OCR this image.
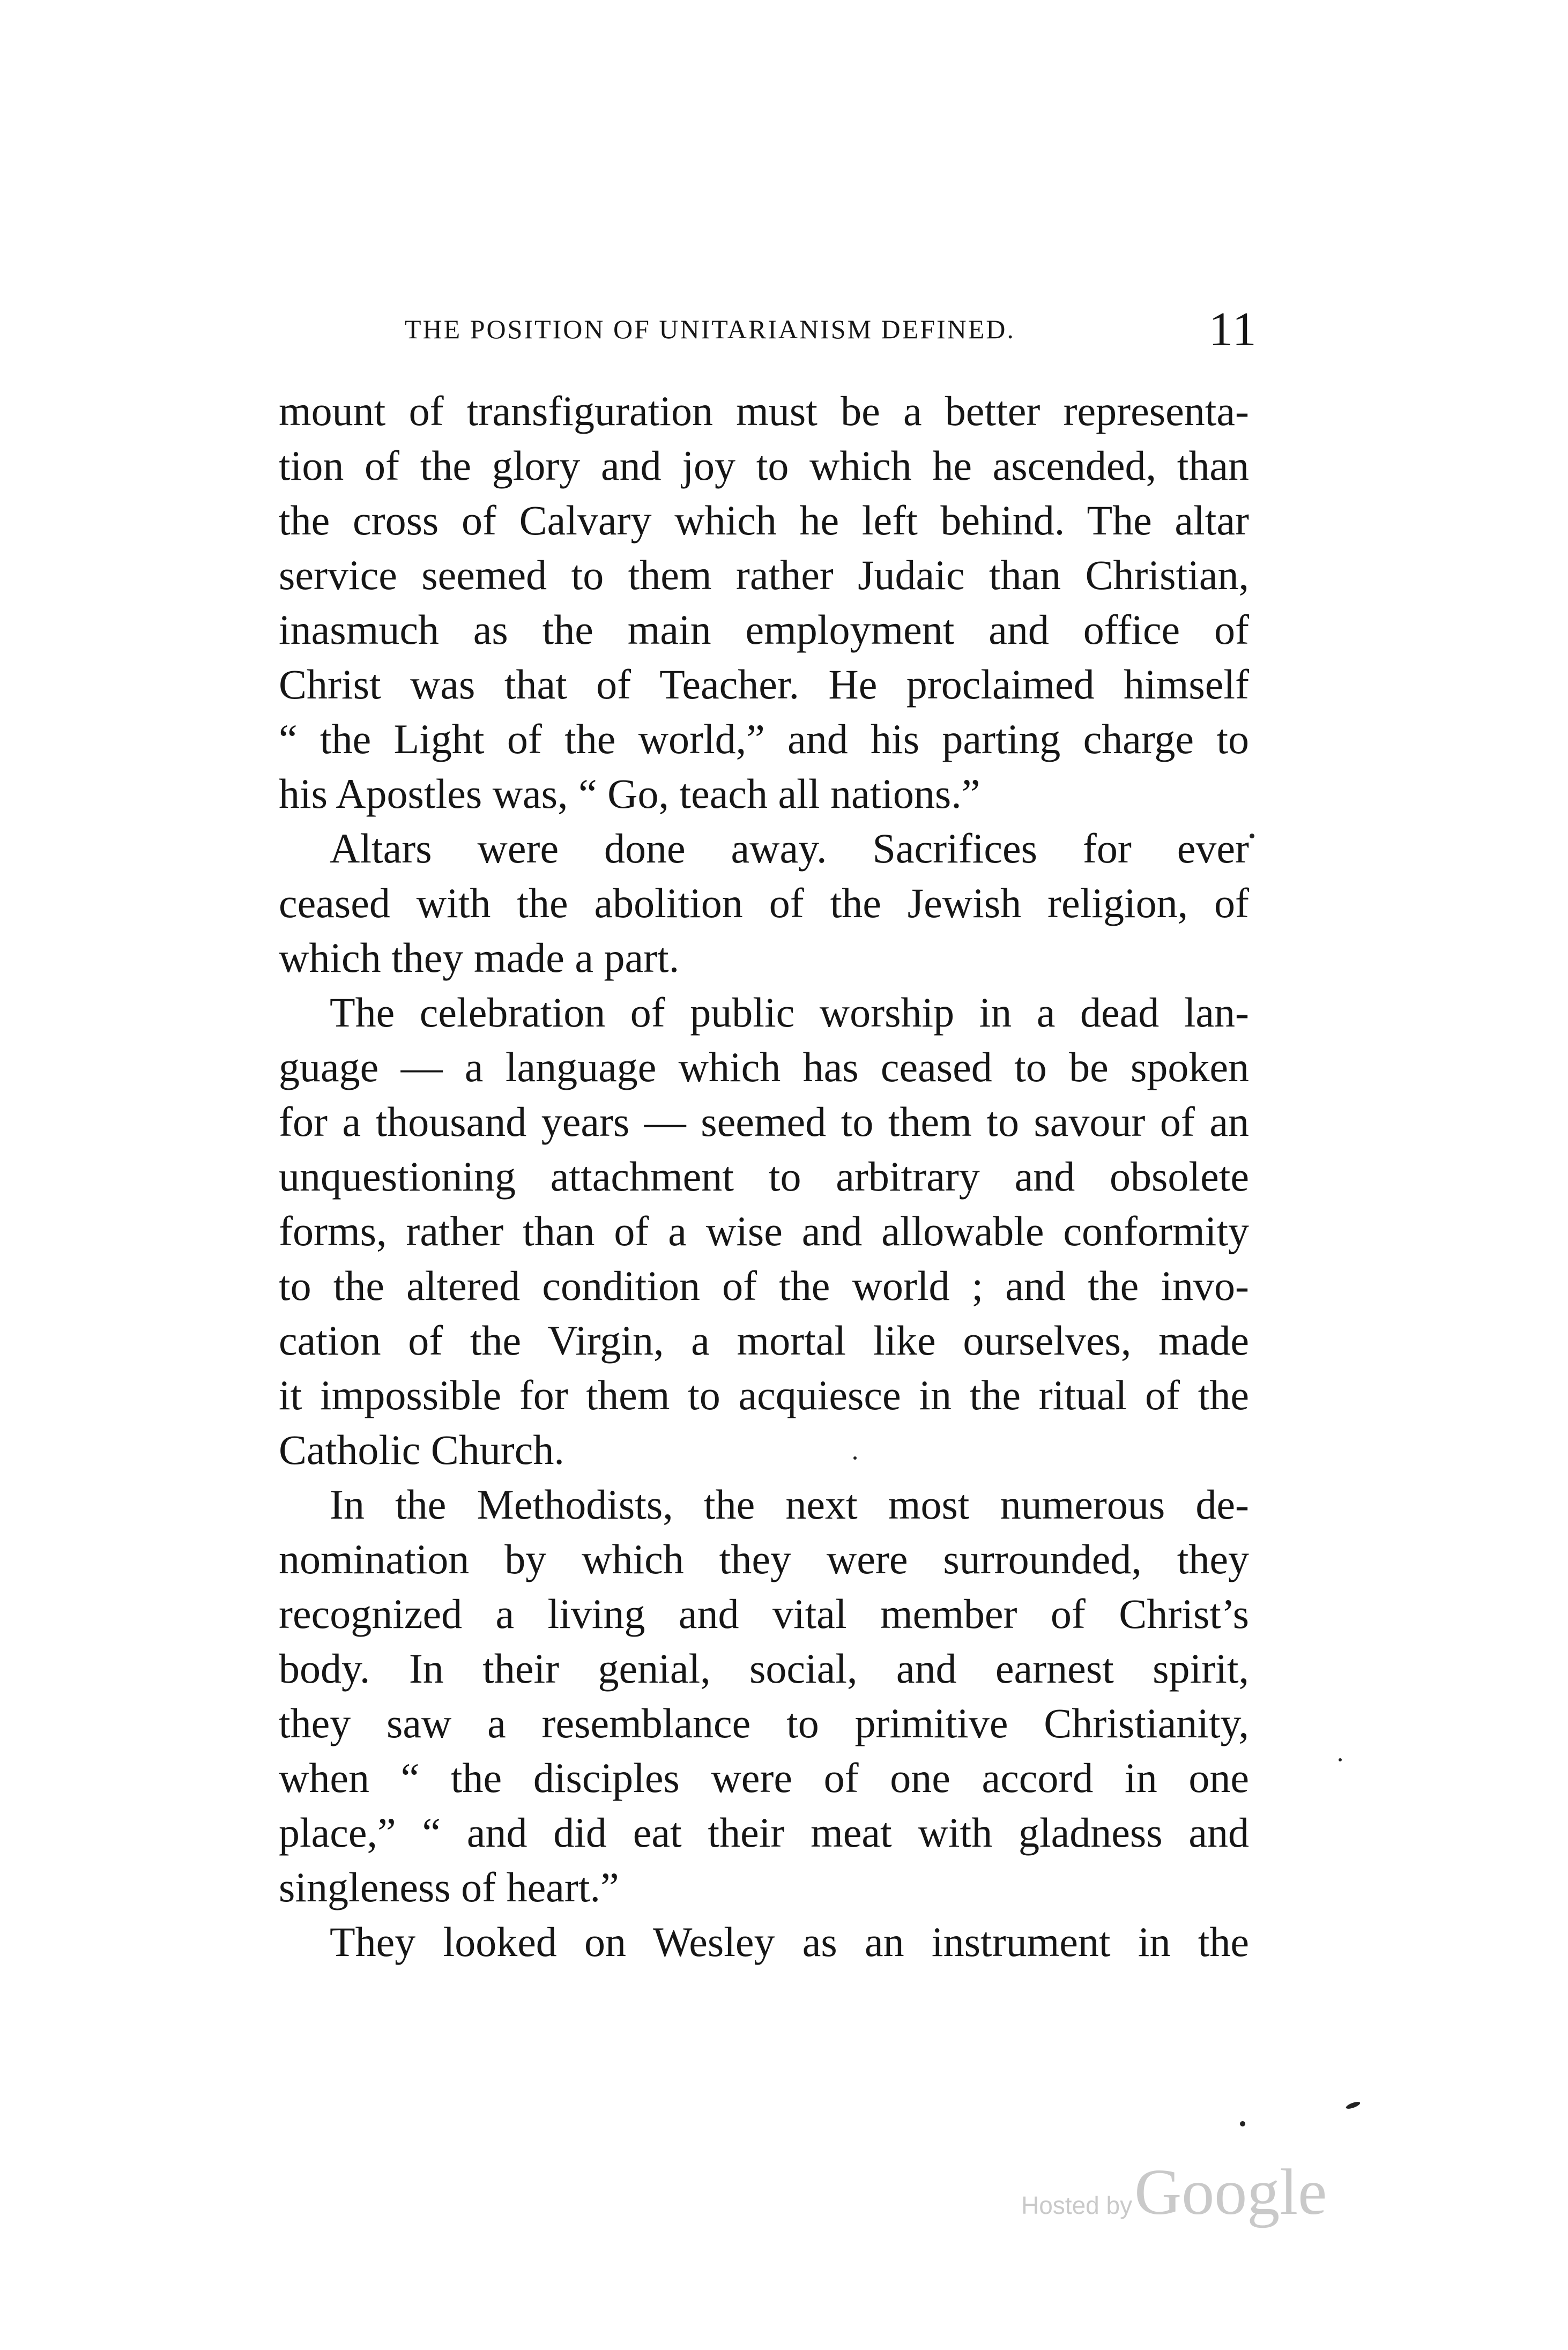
THE POSITION OF UNITARIANISM DEFINED.	11
mount of transfiguration must be a better representa-
tion of the glory and joy to which he ascended, than
the cross of Calvary which he left behind. The altar
service seemed to them rather Judaic than Christian,
inasmuch as the main employment and office of
Christ was that of Teacher. He proclaimed himself
“ the Light of the world,” and his parting charge to
his Apostles was, “ Go, teach all nations.”
Altars were done away. Sacrifices for ever
ceased with the abolition of the Jewish religion, of
which they made a part.
The celebration of public worship in a dead lan-
guage — a language which has ceased to be spoken
for a thousand years — seemed to them to savour of an
unquestioning attachment to arbitrary and obsolete
forms, rather than of a wise and allowable conformity
to the altered condition of the world ; and the invo-
cation of the Virgin, a mortal like ourselves, made
it impossible for them to acquiesce in the ritual of the
Catholic Church.
In the Methodists, the next most numerous de-
nomination by which they were surrounded, they
recognized a living and vital member of Christ’s
body. In their genial, social, and earnest spirit,
they saw a resemblance to primitive Christianity,
when “ the disciples were of one accord in one
place,” “ and did eat their meat with gladness and
singleness of heart.”
They looked on Wesley as an instrument in the
Hosted by Google
